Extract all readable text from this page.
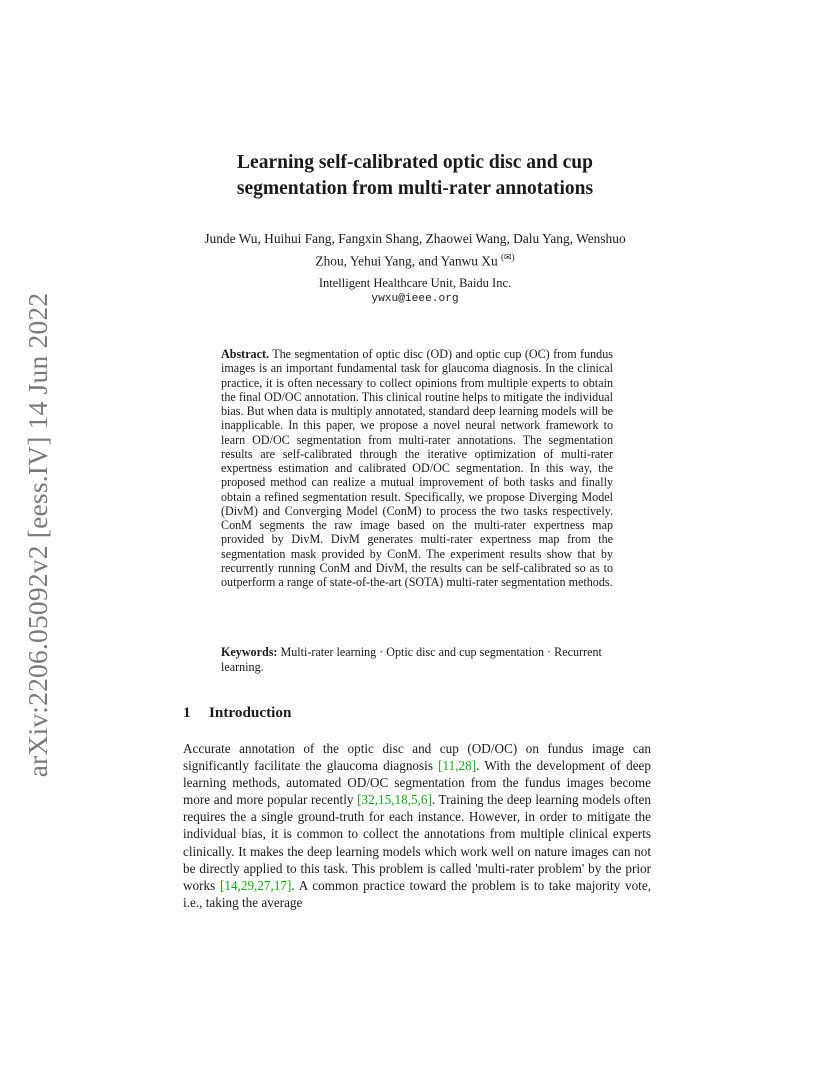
arXiv:2206.05092v2 [eess.IV] 14 Jun 2022
Learning self-calibrated optic disc and cup
segmentation from multi-rater annotations
Junde Wu, Huihui Fang, Fangxin Shang, Zhaowei Wang, Dalu Yang, Wenshuo
Zhou, Yehui Yang, and Yanwu Xu (✉)
Intelligent Healthcare Unit, Baidu Inc.
ywxu@ieee.org

Abstract. The segmentation of optic disc (OD) and optic cup (OC) from fundus images is an important fundamental task for glaucoma diagnosis. In the clinical practice, it is often necessary to collect opinions from multiple experts to obtain the final OD/OC annotation. This clinical routine helps to mitigate the individual bias. But when data is multiply annotated, standard deep learning models will be inapplicable. In this paper, we propose a novel neural network framework to learn OD/OC segmentation from multi-rater annotations. The segmentation results are self-calibrated through the iterative optimization of multi-rater expertness estimation and calibrated OD/OC segmentation. In this way, the proposed method can realize a mutual improvement of both tasks and finally obtain a refined segmentation result. Specifically, we propose Diverging Model (DivM) and Converging Model (ConM) to process the two tasks respectively. ConM segments the raw image based on the multi-rater expertness map provided by DivM. DivM generates multi-rater expertness map from the segmentation mask provided by ConM. The experiment results show that by recurrently running ConM and DivM, the results can be self-calibrated so as to outperform a range of state-of-the-art (SOTA) multi-rater segmentation methods.

Keywords: Multi-rater learning · Optic disc and cup segmentation · Recurrent learning.

1 Introduction

Accurate annotation of the optic disc and cup (OD/OC) on fundus image can significantly facilitate the glaucoma diagnosis [11,28]. With the development of deep learning methods, automated OD/OC segmentation from the fundus images become more and more popular recently [32,15,18,5,6]. Training the deep learning models often requires the a single ground-truth for each instance. However, in order to mitigate the individual bias, it is common to collect the annotations from multiple clinical experts clinically. It makes the deep learning models which work well on nature images can not be directly applied to this task. This problem is called 'multi-rater problem' by the prior works [14,29,27,17]. A common practice toward the problem is to take majority vote, i.e., taking the average
